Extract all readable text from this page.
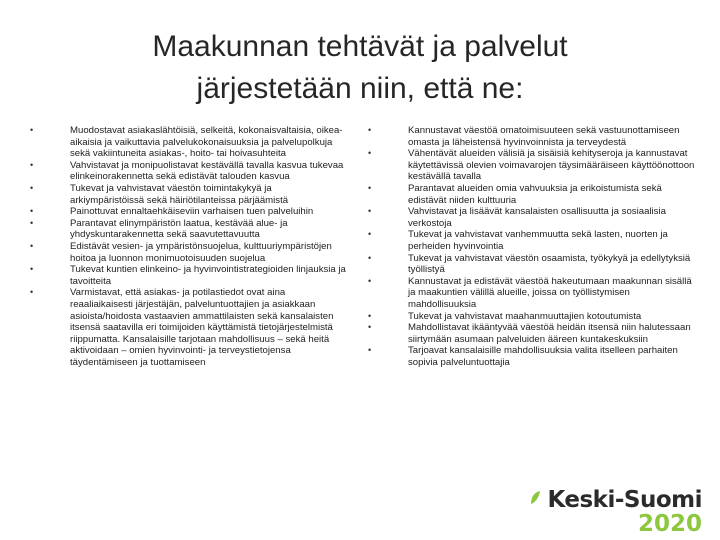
Maakunnan tehtävät ja palvelut
järjestetään niin, että ne:
•	Muodostavat asiakaslähtöisiä, selkeitä, kokonaisvaltaisia, oikea-aikaisia ja vaikuttavia palvelukokonaisuuksia ja palvelupolkuja sekä vakiintuneita asiakas-, hoito- tai hoivasuhteita
•	Vahvistavat ja monipuolistavat kestävällä tavalla kasvua tukevaa elinkeinorakennetta sekä edistävät talouden kasvua
•	Tukevat ja vahvistavat väestön toimintakykyä ja arkiympäristöissä sekä häiriötilanteissa pärjäämistä
•	Painottuvat ennaltaehkäiseviin varhaisen tuen palveluihin
•	Parantavat elinympäristön laatua, kestävää alue- ja yhdyskuntarakennetta sekä saavutettavuutta
•	Edistävät vesien- ja ympäristönsuojelua, kulttuuriympäristöjen hoitoa ja luonnon monimuotoisuuden suojelua
•	Tukevat kuntien elinkeino- ja hyvinvointistrategioiden linjauksia ja tavoitteita
•	Varmistavat, että asiakas- ja potilastiedot ovat aina reaaliaikaisesti järjestäjän, palveluntuottajien ja asiakkaan asioista/hoidosta vastaavien ammattilaisten sekä kansalaisten itsensä saatavilla eri toimijoiden käyttämistä tietojärjestelmistä riippumatta. Kansalaisille tarjotaan mahdollisuus – sekä heitä aktivoidaan – omien hyvinvointi- ja terveystietojensa täydentämiseen ja tuottamiseen
•	Kannustavat väestöä omatoimisuuteen sekä vastuunottamiseen omasta ja läheistensä hyvinvoinnista ja terveydestä
•	Vähentävät alueiden välisiä ja sisäisiä kehityseroja ja kannustavat käytettävissä olevien voimavarojen täysimääräiseen käyttöönottoon kestävällä tavalla
•	Parantavat alueiden omia vahvuuksia ja erikoistumista sekä edistävät niiden kulttuuria
•	Vahvistavat ja lisäävät kansalaisten osallisuutta ja sosiaalisia verkostoja
•	Tukevat ja vahvistavat vanhemmuutta sekä lasten, nuorten ja perheiden hyvinvointia
•	Tukevat ja vahvistavat väestön osaamista, työkykyä ja edellytyksiä työllistyä
•	Kannustavat ja edistävät väestöä hakeutumaan maakunnan sisällä ja maakuntien välillä alueille, joissa on työllistymisen mahdollisuuksia
•	Tukevat ja vahvistavat maahanmuuttajien kotoutumista
•	Mahdollistavat ikääntyvää väestöä heidän itsensä niin halutessaan siirtymään asumaan palveluiden ääreen kuntakeskuksiin
•	Tarjoavat kansalaisille mahdollisuuksia valita itselleen parhaiten sopivia palveluntuottajia
Keski-Suomi
2020
